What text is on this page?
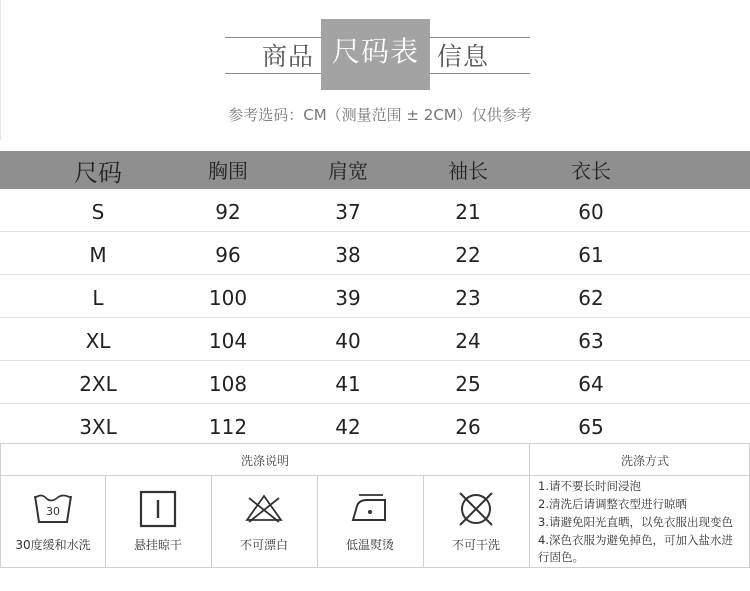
商品 尺码表 信息
参考选码：CM（测量范围 ± 2CM）仅供参考
尺码	胸围	肩宽	袖长	衣长
S	92	37	21	60
M	96	38	22	61
L	100	39	23	62
XL	104	40	24	63
2XL	108	41	25	64
3XL	112	42	26	65
洗涤说明	洗涤方式
30
30度缓和水洗	悬挂晾干	不可漂白	低温熨烫	不可干洗
1.请不要长时间浸泡
2.清洗后请调整衣型进行晾晒
3.请避免阳光直晒，以免衣服出现变色
4.深色衣服为避免掉色，可加入盐水进
行固色。
